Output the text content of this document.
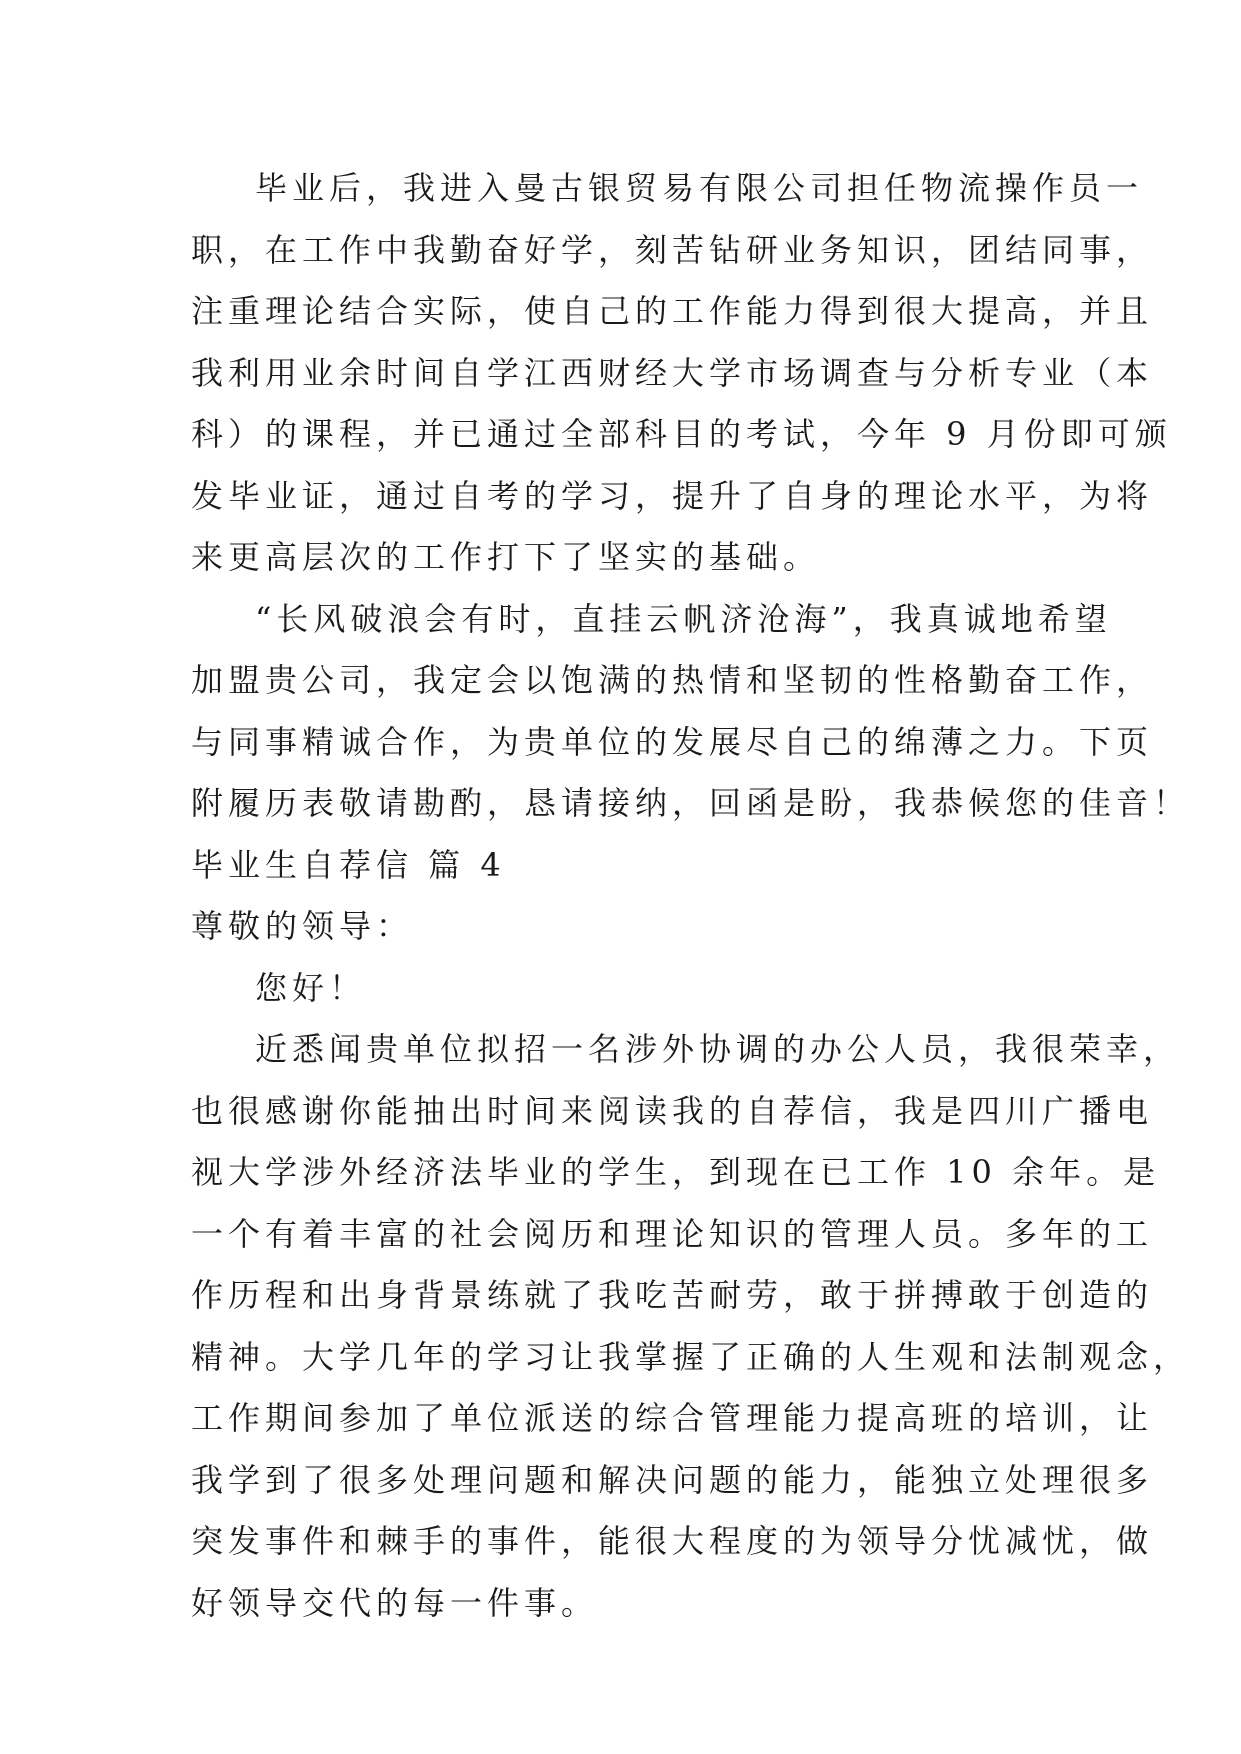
毕业后，我进入曼古银贸易有限公司担任物流操作员一
职，在工作中我勤奋好学，刻苦钻研业务知识，团结同事，
注重理论结合实际，使自己的工作能力得到很大提高，并且
我利用业余时间自学江西财经大学市场调查与分析专业（本
科）的课程，并已通过全部科目的考试，今年 9 月份即可颁
发毕业证，通过自考的学习，提升了自身的理论水平，为将
来更高层次的工作打下了坚实的基础。
“长风破浪会有时，直挂云帆济沧海”，我真诚地希望
加盟贵公司，我定会以饱满的热情和坚韧的性格勤奋工作，
与同事精诚合作，为贵单位的发展尽自己的绵薄之力。下页
附履历表敬请勘酌，恳请接纳，回函是盼，我恭候您的佳音！
毕业生自荐信 篇 4
尊敬的领导：
您好！
近悉闻贵单位拟招一名涉外协调的办公人员，我很荣幸，
也很感谢你能抽出时间来阅读我的自荐信，我是四川广播电
视大学涉外经济法毕业的学生，到现在已工作 10 余年。是
一个有着丰富的社会阅历和理论知识的管理人员。多年的工
作历程和出身背景练就了我吃苦耐劳，敢于拼搏敢于创造的
精神。大学几年的学习让我掌握了正确的人生观和法制观念，
工作期间参加了单位派送的综合管理能力提高班的培训，让
我学到了很多处理问题和解决问题的能力，能独立处理很多
突发事件和棘手的事件，能很大程度的为领导分忧减忧，做
好领导交代的每一件事。
